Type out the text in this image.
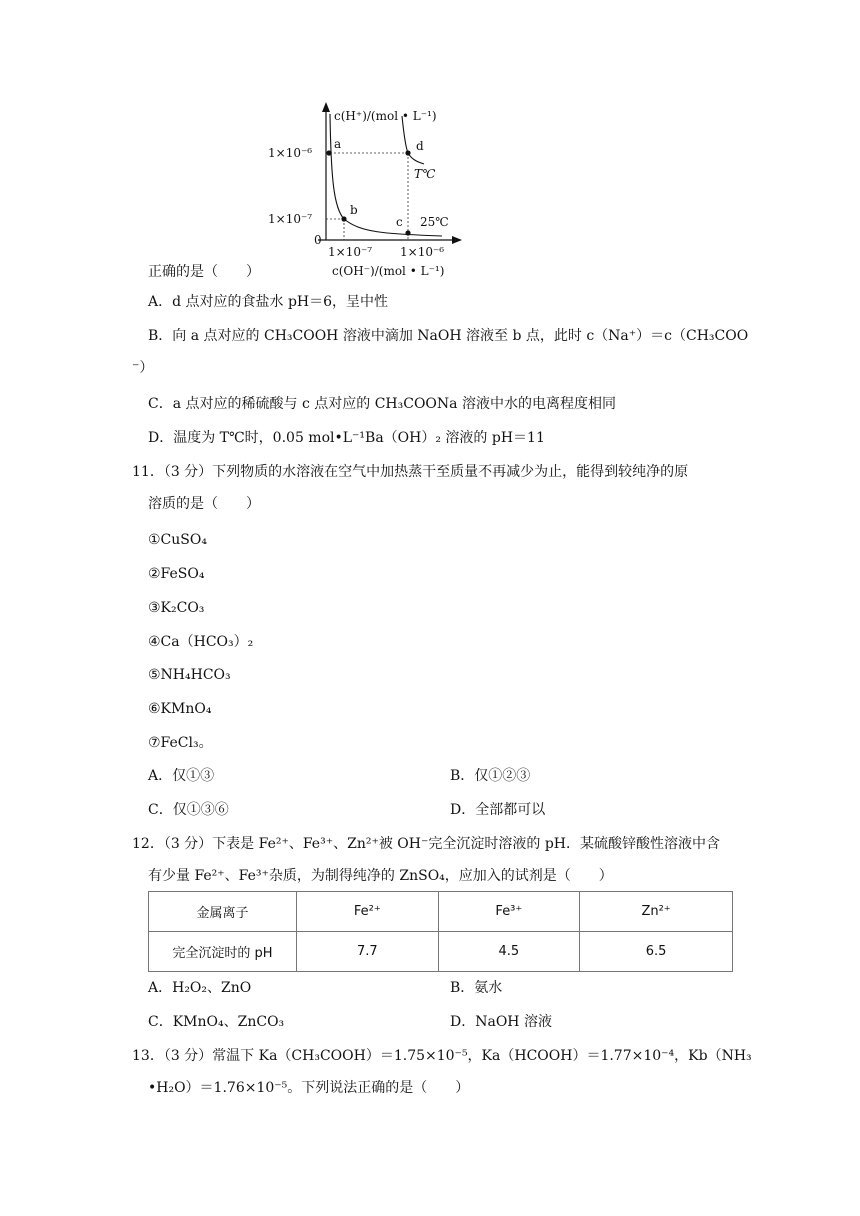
c(H⁺)/(mol • L⁻¹)
1×10⁻⁶
1×10⁻⁷
0
1×10⁻⁷ 1×10⁻⁶
c(OH⁻)/(mol • L⁻¹)
a
b
c
d
T℃
25℃
正确的是（　　）
A．d 点对应的食盐水 pH＝6，呈中性
B．向 a 点对应的 CH₃COOH 溶液中滴加 NaOH 溶液至 b 点，此时 c（Na⁺）＝c（CH₃COO
⁻）
C．a 点对应的稀硫酸与 c 点对应的 CH₃COONa 溶液中水的电离程度相同
D．温度为 T℃时，0.05 mol•L⁻¹Ba（OH）₂ 溶液的 pH＝11
11．（3 分）下列物质的水溶液在空气中加热蒸干至质量不再减少为止，能得到较纯净的原
溶质的是（　　）
①CuSO₄
②FeSO₄
③K₂CO₃
④Ca（HCO₃）₂
⑤NH₄HCO₃
⑥KMnO₄
⑦FeCl₃。
A．仅①③	B．仅①②③
C．仅①③⑥	D．全部都可以
12．（3 分）下表是 Fe²⁺、Fe³⁺、Zn²⁺被 OH⁻完全沉淀时溶液的 pH．某硫酸锌酸性溶液中含
有少量 Fe²⁺、Fe³⁺杂质，为制得纯净的 ZnSO₄，应加入的试剂是（　　）
金属离子	Fe²⁺	Fe³⁺	Zn²⁺
完全沉淀时的 pH	7.7	4.5	6.5
A．H₂O₂、ZnO	B．氨水
C．KMnO₄、ZnCO₃	D．NaOH 溶液
13．（3 分）常温下 Ka（CH₃COOH）＝1.75×10⁻⁵，Ka（HCOOH）＝1.77×10⁻⁴，Kb（NH₃
•H₂O）＝1.76×10⁻⁵。下列说法正确的是（　　）
